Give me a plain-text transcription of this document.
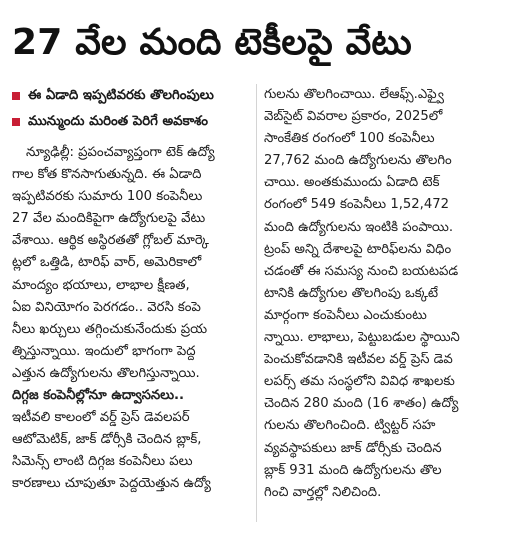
27 వేల మంది టెకీలపై వేటు
ఈ ఏడాది ఇప్పటివరకు తొలగింపులు
మున్ముందు మరింత పెరిగే అవకాశం
న్యూఢిల్లీ: ప్రపంచవ్యాప్తంగా టెక్ ఉద్యో
గాల కోత కొనసాగుతున్నది. ఈ ఏడాది
ఇప్పటివరకు సుమారు 100 కంపెనీలు
27 వేల మందికిపైగా ఉద్యోగులపై వేటు
వేశాయి. ఆర్థిక అస్థిరతతో గ్లోబల్ మార్కె
ట్లలో ఒత్తిడి, టారిఫ్ వార్, అమెరికాలో
మాంద్యం భయాలు, లాభాల క్షీణత,
ఏఐ వినియోగం పెరగడం.. వెరసి కంపె
నీలు ఖర్చులు తగ్గించుకునేందుకు ప్రయ
త్నిస్తున్నాయి. ఇందులో భాగంగా పెద్ద
ఎత్తున ఉద్యోగులను తొలగిస్తున్నాయి.
దిగ్గజ కంపెనీల్లోనూ ఉద్వాసనలు..
ఇటీవలి కాలంలో వర్డ్ ప్రెస్ డెవలపర్
ఆటోమెటిక్, జాక్ డోర్సీకి చెందిన బ్లాక్,
సిమెన్స్ లాంటి దిగ్గజ కంపెనీలు పలు
కారణాలు చూపుతూ పెద్దయెత్తున ఉద్యో
గులను తొలగించాయి. లేఆఫ్స్.ఎఫ్వై
వెబ్‌సైట్ వివరాల ప్రకారం, 2025లో
సాంకేతిక రంగంలో 100 కంపెనీలు
27,762 మంది ఉద్యోగులను తొలగిం
చాయి. అంతకుముందు ఏడాది టెక్
రంగంలో 549 కంపెనీలు 1,52,472
మంది ఉద్యోగులను ఇంటికి పంపాయి.
ట్రంప్ అన్ని దేశాలపై టారిఫ్‌లను విధిం
చడంతో ఈ సమస్య నుంచి బయటపడ
టానికి ఉద్యోగుల తొలగింపు ఒక్కటే
మార్గంగా కంపెనీలు ఎంచుకుంటు
న్నాయి. లాభాలు, పెట్టుబడుల స్థాయిని
పెంచుకోవడానికి ఇటీవల వర్డ్ ప్రెస్ డెవ
లపర్స్ తమ సంస్థలోని వివిధ శాఖలకు
చెందిన 280 మంది (16 శాతం) ఉద్యో
గులను తొలగించింది. ట్విట్టర్ సహ
వ్యవస్థాపకులు జాక్ డోర్సీకు చెందిన
బ్లాక్ 931 మంది ఉద్యోగులను తొల
గించి వార్తల్లో నిలిచింది.
